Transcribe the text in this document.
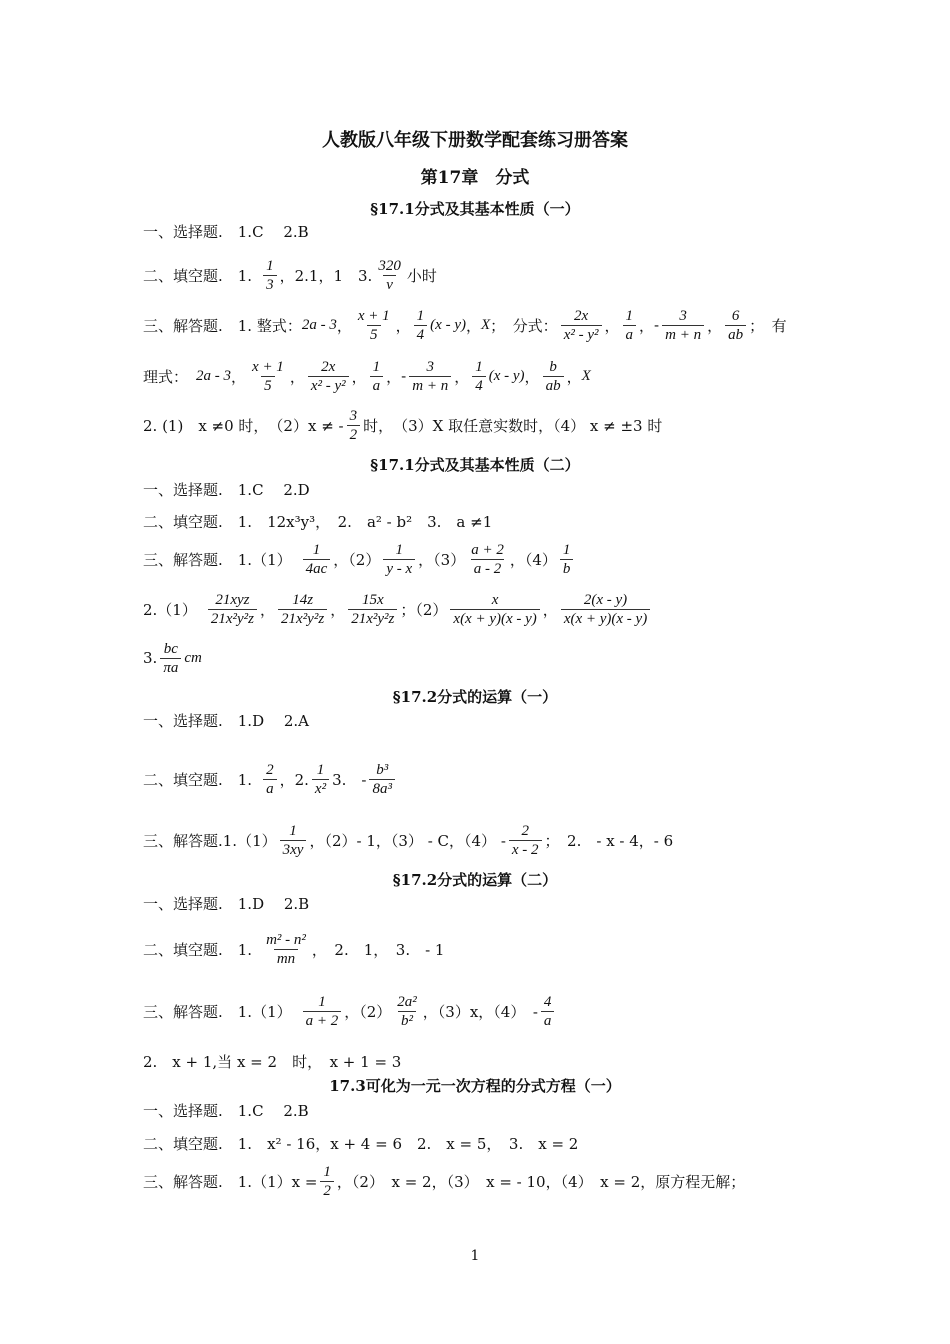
人教版八年级下册数学配套练习册答案
第17章　分式
§17.1分式及其基本性质（一）
一、选择题.　1.C　 2.B
二、填空题.　1. $\frac{1}{3}$ ，2.1，1　3. $\frac{320}{v}$ 小时
三、解答题.　1. 整式： 2a - 3 ， $\frac{x + 1}{5}$ ， $\frac{1}{4} (x - y)$ ， X ；　分式： $\frac{2x}{\text{x² - y²}}$ ， $\frac{1}{a}$ ， - $\frac{3}{m + n}$ ， $\frac{6}{ab}$ ；　有
理式： 2a - 3 ， $\frac{x + 1}{5}$ ， $\frac{2x}{\text{x² - y²}}$ ， $\frac{1}{a}$ ， - $\frac{3}{m + n}$ ， $\frac{1}{4} (x - y)$ ， $\frac{b}{ab}$ ， X
2. (1)　x ≠0 时，　（2）x ≠ - $\frac{3}{2}$ 时，　（3）X 取任意实数时，（4） x ≠ ±3 时
§17.1分式及其基本性质（二）
一、选择题.　1.C　 2.D
二、填空题.　1.　12x³y³，　2.　a² - b²　3.　a ≠1
三、解答题.　$1.(1) \frac{1}{4ac}$ ，$(2) \frac{1}{y - x}$ ，$(3) \frac{a + 2}{a - 2}$ ，$(4) \frac{1}{b}$
$2.(1) \frac{\text{21xyz}}{\text{21x²y²z}}$ ， $\frac{14z}{\text{21x²y²z}}$ ， $\frac{15x}{\text{21x²y²z}}$ ；$(2) \frac{x}{x(x + y)(x - y)}$ ， $\frac{2(x - y)}{x(x + y)(x - y)}$
3. $\frac{bc}{\pi a}$ cm
§17.2分式的运算（一）
一、选择题.　1.D　 2.A
二、填空题.　1. $\frac{2}{a}$ ，2. $\frac{1}{\text{x²}} 3$.　- $\frac{\text{b³}}{\text{8a³}}$
三、解答题$.1.(1) \frac{1}{3xy}$ ，（2）- 1，（3） - C，$(4) - \frac{2}{x - 2}$ ；　2.　- x - 4，- 6
§17.2分式的运算（二）
一、选择题.　1.D　 2.B
二、填空题.　1. $\frac{\text{m² - n²}}{mn}$ ，　2.　1，　3.　- 1
三、解答题.　$1.(1) \frac{1}{a + 2}$ ，$(2) \frac{\text{2a²}}{\text{b²}}$ ，（3）x，（4）　- $\frac{4}{a}$
2.　x + 1,当 x = 2　时，　x + 1 = 3
17.3可化为一元一次方程的分式方程（一）
一、选择题.　1.C　 2.B
二、填空题.　1.　x² - 16，x + 4 = 6　2.　x = 5，　3.　x = 2
三、解答题.　$1.(1)x = \frac{1}{2}$ ，（2）　x = 2，（3）　x = - 10，（4）　x = 2，原方程无解；
1
